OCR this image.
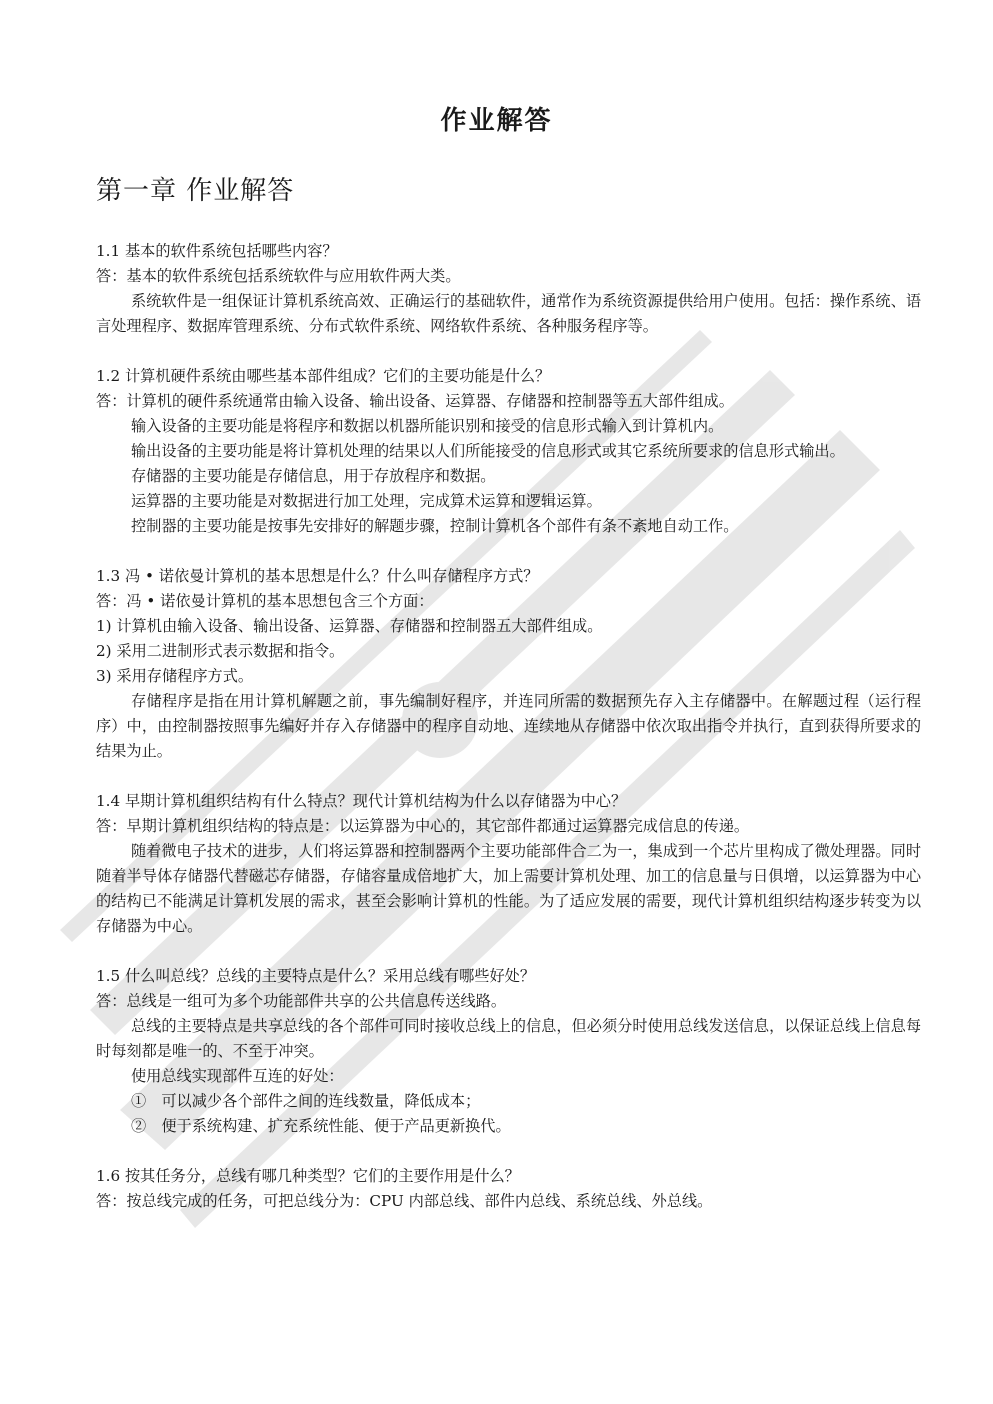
作业解答
第一章 作业解答

1.1 基本的软件系统包括哪些内容？

答：基本的软件系统包括系统软件与应用软件两大类。

系统软件是一组保证计算机系统高效、正确运行的基础软件，通常作为系统资源提供给用户使用。包括：操作系统、语言处理程序、数据库管理系统、分布式软件系统、网络软件系统、各种服务程序等。

1.2 计算机硬件系统由哪些基本部件组成？它们的主要功能是什么？

答：计算机的硬件系统通常由输入设备、输出设备、运算器、存储器和控制器等五大部件组成。

输入设备的主要功能是将程序和数据以机器所能识别和接受的信息形式输入到计算机内。

输出设备的主要功能是将计算机处理的结果以人们所能接受的信息形式或其它系统所要求的信息形式输出。

存储器的主要功能是存储信息，用于存放程序和数据。

运算器的主要功能是对数据进行加工处理，完成算术运算和逻辑运算。

控制器的主要功能是按事先安排好的解题步骤，控制计算机各个部件有条不紊地自动工作。

1.3 冯 • 诺依曼计算机的基本思想是什么？什么叫存储程序方式？

答：冯 • 诺依曼计算机的基本思想包含三个方面：

1) 计算机由输入设备、输出设备、运算器、存储器和控制器五大部件组成。

2) 采用二进制形式表示数据和指令。

3) 采用存储程序方式。

存储程序是指在用计算机解题之前，事先编制好程序，并连同所需的数据预先存入主存储器中。在解题过程（运行程序）中，由控制器按照事先编好并存入存储器中的程序自动地、连续地从存储器中依次取出指令并执行，直到获得所要求的结果为止。

1.4 早期计算机组织结构有什么特点？现代计算机结构为什么以存储器为中心？

答：早期计算机组织结构的特点是：以运算器为中心的，其它部件都通过运算器完成信息的传递。

随着微电子技术的进步，人们将运算器和控制器两个主要功能部件合二为一，集成到一个芯片里构成了微处理器。同时随着半导体存储器代替磁芯存储器，存储容量成倍地扩大，加上需要计算机处理、加工的信息量与日俱增，以运算器为中心的结构已不能满足计算机发展的需求，甚至会影响计算机的性能。为了适应发展的需要，现代计算机组织结构逐步转变为以存储器为中心。

1.5 什么叫总线？总线的主要特点是什么？采用总线有哪些好处？

答：总线是一组可为多个功能部件共享的公共信息传送线路。

总线的主要特点是共享总线的各个部件可同时接收总线上的信息，但必须分时使用总线发送信息，以保证总线上信息每时每刻都是唯一的、不至于冲突。

使用总线实现部件互连的好处：

①　可以减少各个部件之间的连线数量，降低成本；

②　便于系统构建、扩充系统性能、便于产品更新换代。

1.6 按其任务分，总线有哪几种类型？它们的主要作用是什么？

答：按总线完成的任务，可把总线分为：CPU 内部总线、部件内总线、系统总线、外总线。
